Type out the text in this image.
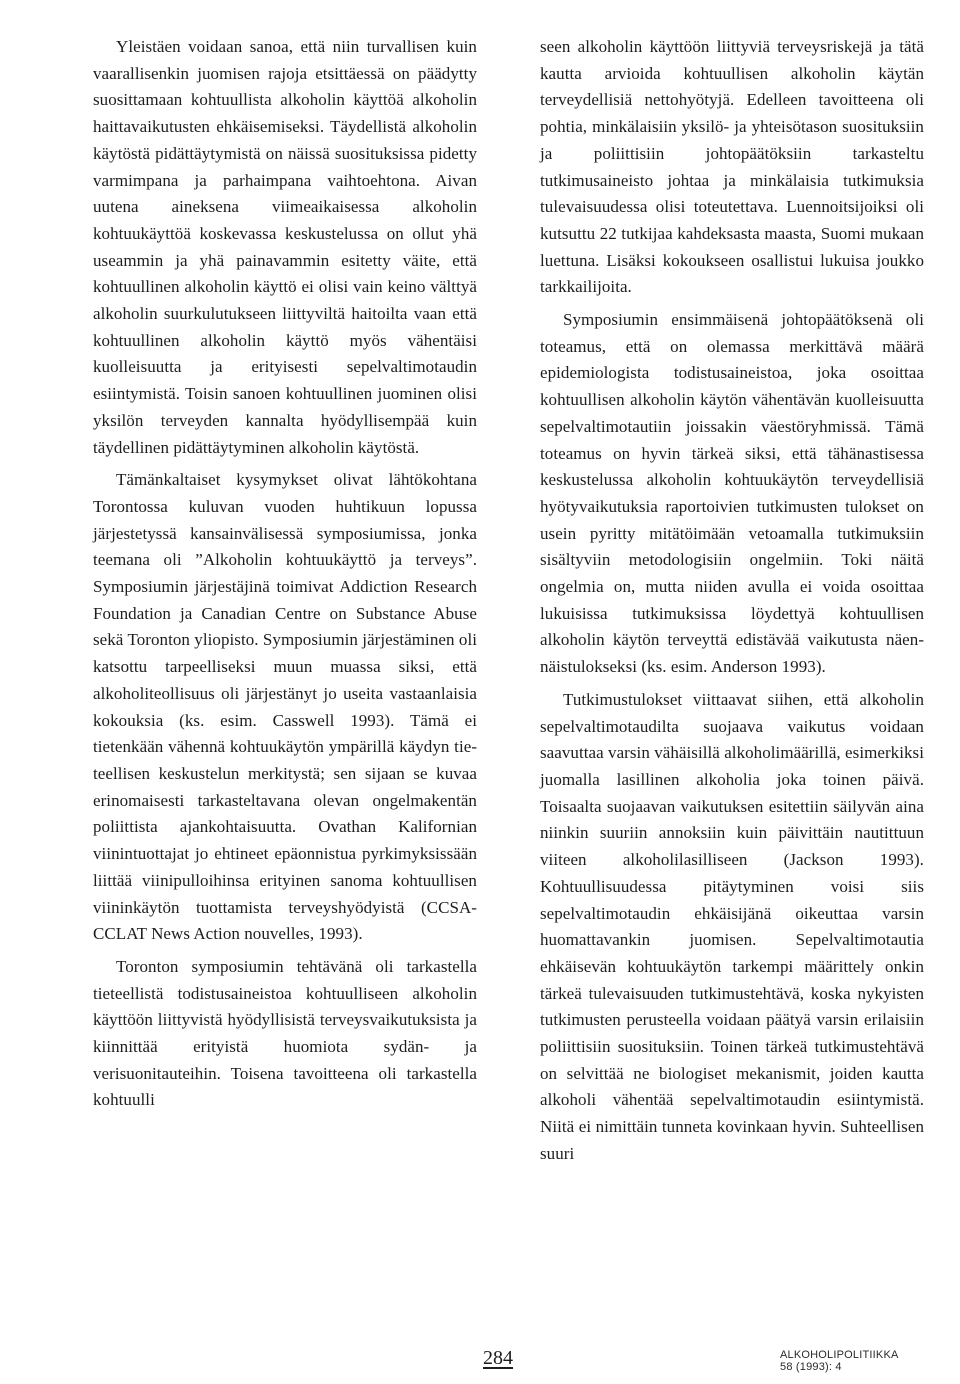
Yleistäen voidaan sanoa, että niin turvallisen kuin vaarallisenkin juomisen rajoja etsittäessä on päädytty suosittamaan kohtuullista alkoholin käyttöä alkoholin haittavaikutusten ehkäisemiseksi. Täydellistä alkoholin käytöstä pidättäytymistä on näissä suosituksissa pidetty varmimpana ja parhaimpana vaihtoehtona. Aivan uutena aineksena viimeaikaisessa alkoholin kohtuukäyttöä koskevassa keskustelussa on ollut yhä useammin ja yhä painavammin esitetty väite, että kohtuullinen alkoholin käyttö ei olisi vain keino välttyä alkoholin suurkulutukseen liittyviltä haitoilta vaan että kohtuullinen alkoholin käyttö myös vähentäisi kuolleisuutta ja erityisesti sepelvaltimotaudin esiintymistä. Toisin sanoen kohtuullinen juominen olisi yksilön terveyden kannalta hyödyllisempää kuin täydellinen pidättäytyminen alkoholin käytöstä.

Tämänkaltaiset kysymykset olivat lähtökohtana Torontossa kuluvan vuoden huhtikuun lopussa järjestetyssä kansainvälisessä symposiumissa, jonka teemana oli ”Alkoholin kohtuukäyttö ja terveys”. Symposiumin järjestäjinä toimivat Addiction Research Foundation ja Canadian Centre on Substance Abuse sekä Toronton yliopisto. Symposiumin järjestäminen oli katsottu tarpeelliseksi muun muassa siksi, että alkoholiteollisuus oli järjestänyt jo useita vastaanlaisia kokouksia (ks. esim. Casswell 1993). Tämä ei tietenkään vähennä kohtuukäytön ympärillä käydyn tieteellisen keskustelun merkitystä; sen sijaan se kuvaa erinomaisesti tarkasteltavana olevan ongelmakentän poliittista ajankohtaisuutta. Ovathan Kalifornian viinintuottajat jo ehtineet epäonnistua pyrkimyksissään liittää viinipulloihinsa erityinen sanoma kohtuullisen viininkäytön tuottamista terveyshyödyistä (CCSA-CCLAT News Action nouvelles, 1993).

Toronton symposiumin tehtävänä oli tarkastella tieteellistä todistusaineistoa kohtuulliseen alkoholin käyttöön liittyvistä hyödyllisistä terveysvaikutuksista ja kiinnittää erityistä huomiota sydän- ja verisuonitauteihin. Toisena tavoitteena oli tarkastella kohtuulli

seen alkoholin käyttöön liittyviä terveysriskejä ja tätä kautta arvioida kohtuullisen alkoholin käytän terveydellisiä nettohyötyjä. Edelleen tavoitteena oli pohtia, minkälaisiin yksilö- ja yhteisötason suosituksiin ja poliittisiin johtopäätöksiin tarkasteltu tutkimusaineisto johtaa ja minkälaisia tutkimuksia tulevaisuudessa olisi toteutettava. Luennoitsijoiksi oli kutsuttu 22 tutkijaa kahdeksasta maasta, Suomi mukaan luettuna. Lisäksi kokoukseen osallistui lukuisa joukko tarkkailijoita.

Symposiumin ensimmäisenä johtopäätöksenä oli toteamus, että on olemassa merkittävä määrä epidemiologista todistusaineistoa, joka osoittaa kohtuullisen alkoholin käytön vähentävän kuolleisuutta sepelvaltimotautiin joissakin väestöryhmissä. Tämä toteamus on hyvin tärkeä siksi, että tähänastisessa keskustelussa alkoholin kohtuukäytön terveydellisiä hyötyvaikutuksia raportoivien tutkimusten tulokset on usein pyritty mitätöimään vetoamalla tutkimuksiin sisältyviin metodologisiin ongelmiin. Toki näitä ongelmia on, mutta niiden avulla ei voida osoittaa lukuisissa tutkimuksissa löydettyä kohtuullisen alkoholin käytön terveyttä edistävää vaikutusta näennäistulokseksi (ks. esim. Anderson 1993).

Tutkimustulokset viittaavat siihen, että alkoholin sepelvaltimotaudilta suojaava vaikutus voidaan saavuttaa varsin vähäisillä alkoholimäärillä, esimerkiksi juomalla lasillinen alkoholia joka toinen päivä. Toisaalta suojaavan vaikutuksen esitettiin säilyvän aina niinkin suuriin annoksiin kuin päivittäin nautittuun viiteen alkoholilasilliseen (Jackson 1993). Kohtuullisuudessa pitäytyminen voisi siis sepelvaltimotaudin ehkäisijänä oikeuttaa varsin huomattavankin juomisen. Sepelvaltimotautia ehkäisevän kohtuukäytön tarkempi määrittely onkin tärkeä tulevaisuuden tutkimustehtävä, koska nykyisten tutkimusten perusteella voidaan päätyä varsin erilaisiin poliittisiin suosituksiin. Toinen tärkeä tutkimustehtävä on selvittää ne biologiset mekanismit, joiden kautta alkoholi vähentää sepelvaltimotaudin esiintymistä. Niitä ei nimittäin tunneta kovinkaan hyvin. Suhteellisen suuri

284	ALKOHOLIPOLITIIKKA
58 (1993): 4
